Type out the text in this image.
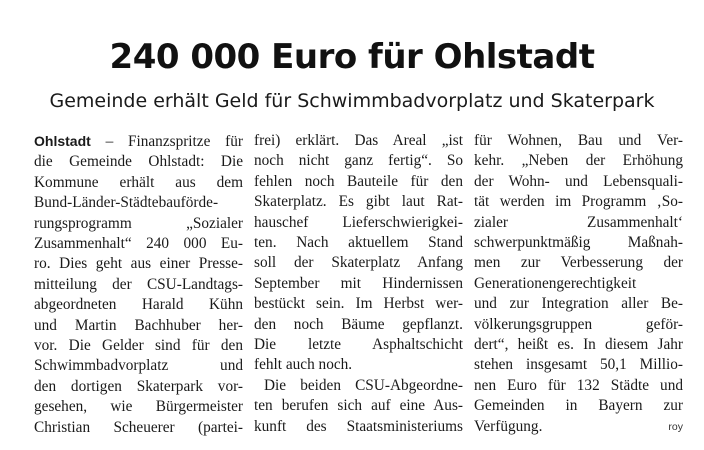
240 000 Euro für Ohlstadt
Gemeinde erhält Geld für Schwimmbadvorplatz und Skaterpark
Ohlstadt – Finanzspritze für
die Gemeinde Ohlstadt: Die
Kommune erhält aus dem
Bund-Länder-Städtebauförde-
rungsprogramm „Sozialer
Zusammenhalt“ 240 000 Eu-
ro. Dies geht aus einer Presse-
mitteilung der CSU-Landtags-
abgeordneten Harald Kühn
und Martin Bachhuber her-
vor. Die Gelder sind für den
Schwimmbadvorplatz und
den dortigen Skaterpark vor-
gesehen, wie Bürgermeister
Christian Scheuerer (partei-
frei) erklärt. Das Areal „ist
noch nicht ganz fertig“. So
fehlen noch Bauteile für den
Skaterplatz. Es gibt laut Rat-
hauschef Lieferschwierigkei-
ten. Nach aktuellem Stand
soll der Skaterplatz Anfang
September mit Hindernissen
bestückt sein. Im Herbst wer-
den noch Bäume gepflanzt.
Die letzte Asphaltschicht
fehlt auch noch.
Die beiden CSU-Abgeordne-
ten berufen sich auf eine Aus-
kunft des Staatsministeriums
für Wohnen, Bau und Ver-
kehr. „Neben der Erhöhung
der Wohn- und Lebensquali-
tät werden im Programm ‚So-
zialer Zusammenhalt‘
schwerpunktmäßig Maßnah-
men zur Verbesserung der
Generationengerechtigkeit
und zur Integration aller Be-
völkerungsgruppen geför-
dert“, heißt es. In diesem Jahr
stehen insgesamt 50,1 Millio-
nen Euro für 132 Städte und
Gemeinden in Bayern zur
Verfügung.	roy
